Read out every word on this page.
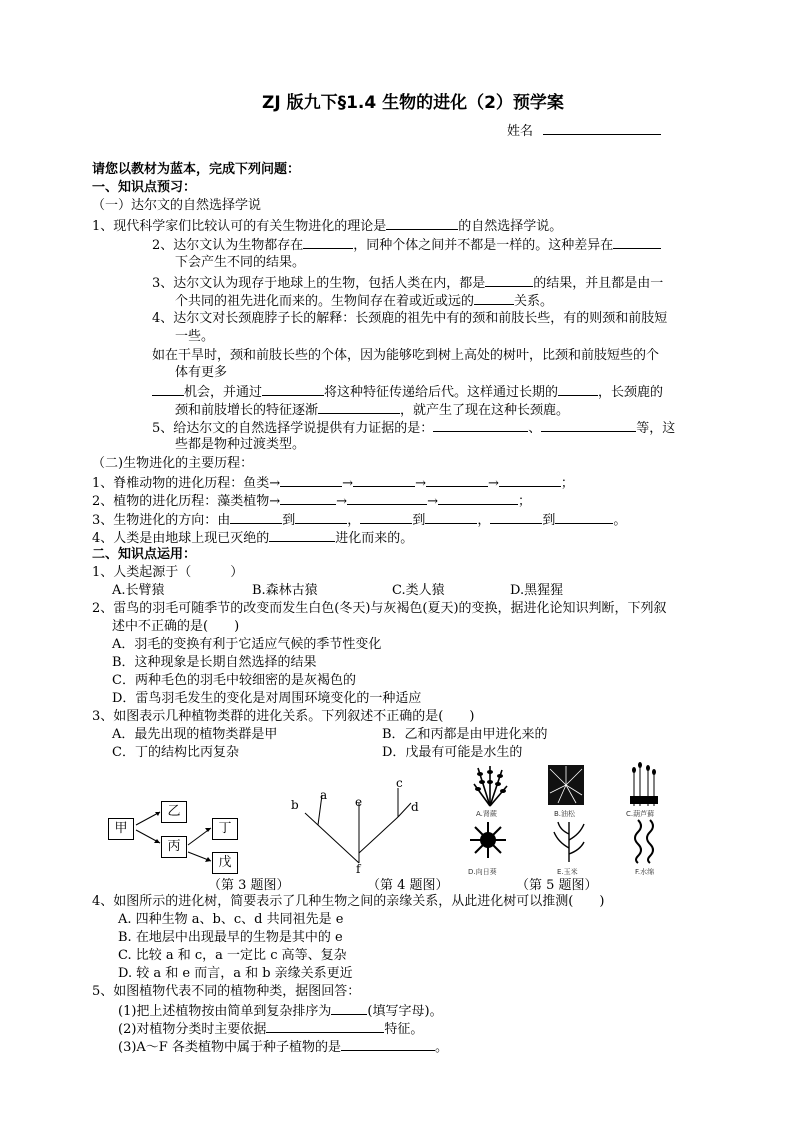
ZJ 版九下§1.4 生物的进化（2）预学案
姓名
请您以教材为蓝本，完成下列问题：
一、知识点预习：
（一）达尔文的自然选择学说
1、现代科学家们比较认可的有关生物进化的理论是	的自然选择学说。
2、达尔文认为生物都存在	，同种个体之间并不都是一样的。这种差异在
下会产生不同的结果。
3、达尔文认为现存于地球上的生物，包括人类在内，都是	的结果，并且都是由一
个共同的祖先进化而来的。生物间存在着或近或远的	关系。
4、达尔文对长颈鹿脖子长的解释：长颈鹿的祖先中有的颈和前肢长些，有的则颈和前肢短
一些。
如在干旱时，颈和前肢长些的个体，因为能够吃到树上高处的树叶，比颈和前肢短些的个
体有更多
机会，并通过	将这种特征传递给后代。这样通过长期的	，长颈鹿的
颈和前肢增长的特征逐渐	，就产生了现在这种长颈鹿。
5、给达尔文的自然选择学说提供有力证据的是：	、	等，这
些都是物种过渡类型。
（二)生物进化的主要历程：
1、脊椎动物的进化历程：鱼类→	→	→	→	；
2、植物的进化历程：藻类植物→	→	→	；
3、生物进化的方向：由	到	，	到	，	到	。
4、人类是由地球上现已灭绝的	进化而来的。
二、知识点运用：
1、人类起源于（　　　）
A.长臂猿	B.森林古猿	C.类人猿	D.黑猩猩
2、雷鸟的羽毛可随季节的改变而发生白色(冬天)与灰褐色(夏天)的变换，据进化论知识判断，下列叙
述中不正确的是(　　)
A．羽毛的变换有利于它适应气候的季节性变化
B．这种现象是长期自然选择的结果
C．两种毛色的羽毛中较细密的是灰褐色的
D．雷鸟羽毛发生的变化是对周围环境变化的一种适应
3、如图表示几种植物类群的进化关系。下列叙述不正确的是(　　)
A．最先出现的植物类群是甲	B．乙和丙都是由甲进化来的
C．丁的结构比丙复杂	D．戊最有可能是水生的
甲
乙
丙
丁
戊
a
b
c
d
e
f
A.肾蕨	B.油松	C.葫芦藓
D.向日葵	E.玉米	F.水绵
（第 3 题图）	（第 4 题图）	（第 5 题图）
4、如图所示的进化树，简要表示了几种生物之间的亲缘关系，从此进化树可以推测(　　)
A. 四种生物 a、b、c、d 共同祖先是 e
B. 在地层中出现最早的生物是其中的 e
C. 比较 a 和 c，a 一定比 c 高等、复杂
D. 较 a 和 e 而言，a 和 b 亲缘关系更近
5、如图植物代表不同的植物种类，据图回答：
(1)把上述植物按由简单到复杂排序为	(填写字母)。
(2)对植物分类时主要依据	特征。
(3)A～F 各类植物中属于种子植物的是	。
